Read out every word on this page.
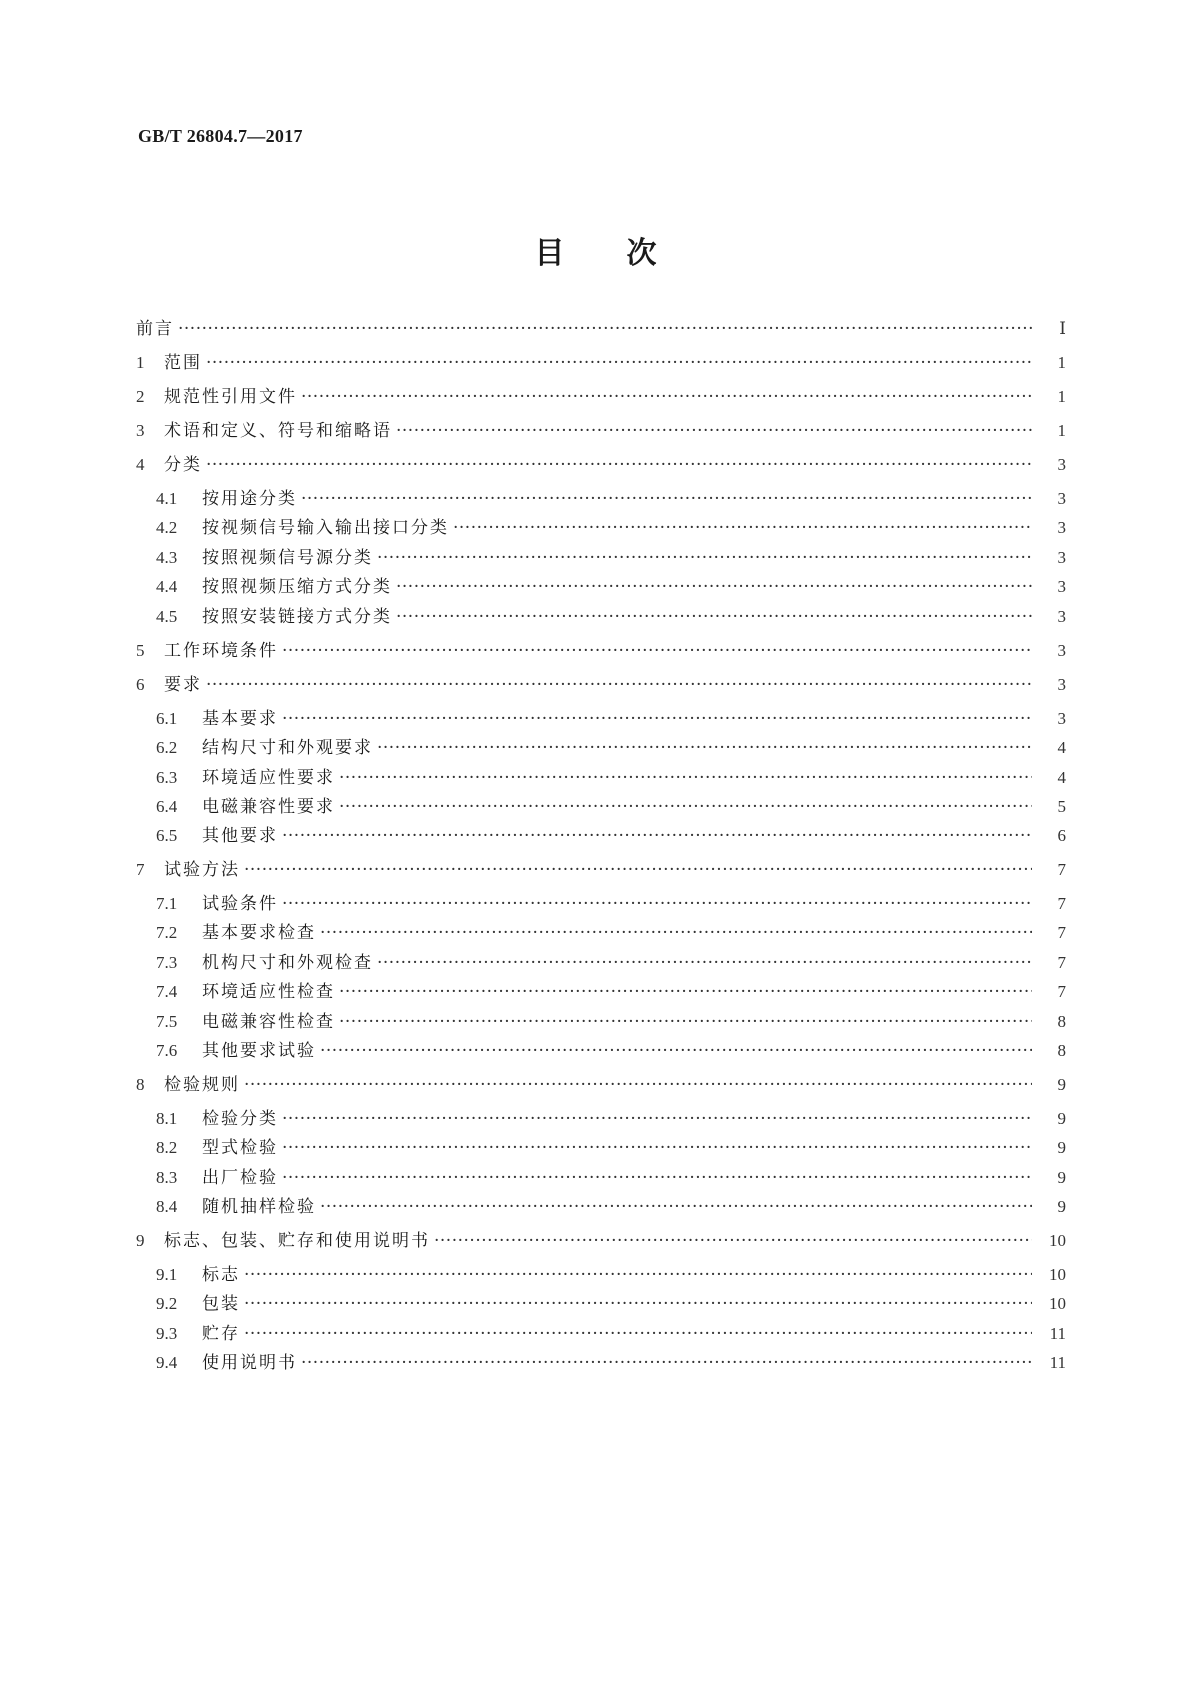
GB/T 26804.7—2017
目次
前言 ·····	Ⅰ
1	范围 ·····	1
2	规范性引用文件 ·····	1
3	术语和定义、符号和缩略语 ·····	1
4	分类 ·····	3
4.1	按用途分类 ·····	3
4.2	按视频信号输入输出接口分类 ·····	3
4.3	按照视频信号源分类 ·····	3
4.4	按照视频压缩方式分类 ·····	3
4.5	按照安装链接方式分类 ·····	3
5	工作环境条件 ·····	3
6	要求 ·····	3
6.1	基本要求 ·····	3
6.2	结构尺寸和外观要求 ·····	4
6.3	环境适应性要求 ·····	4
6.4	电磁兼容性要求 ·····	5
6.5	其他要求 ·····	6
7	试验方法 ·····	7
7.1	试验条件 ·····	7
7.2	基本要求检查 ·····	7
7.3	机构尺寸和外观检查 ·····	7
7.4	环境适应性检查 ·····	7
7.5	电磁兼容性检查 ·····	8
7.6	其他要求试验 ·····	8
8	检验规则 ·····	9
8.1	检验分类 ·····	9
8.2	型式检验 ·····	9
8.3	出厂检验 ·····	9
8.4	随机抽样检验 ·····	9
9	标志、包装、贮存和使用说明书 ·····	10
9.1	标志 ·····	10
9.2	包装 ·····	10
9.3	贮存 ·····	11
9.4	使用说明书 ·····	11
